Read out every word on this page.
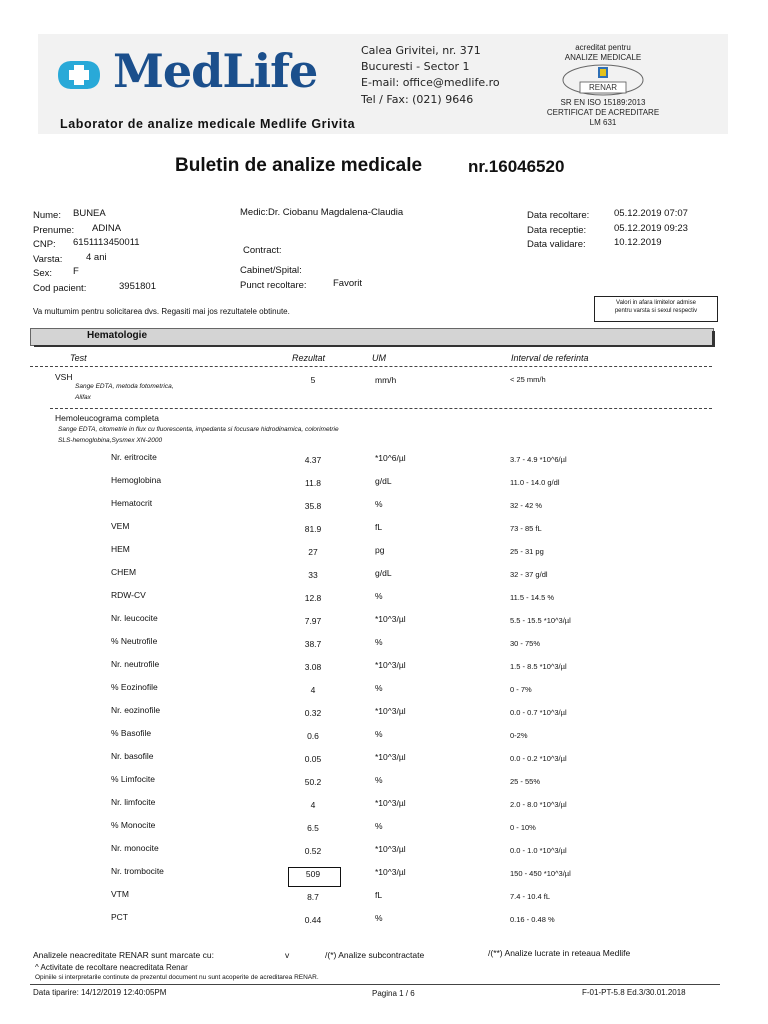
MedLife	Calea Grivitei, nr. 371
Bucuresti - Sector 1
E-mail: office@medlife.ro
Tel / Fax: (021) 9646
acreditat pentru
ANALIZE MEDICALE
RENAR
SR EN ISO 15189:2013
CERTIFICAT DE ACREDITARE
LM 631
Laborator de analize medicale Medlife Grivita
Buletin de analize medicale	nr.16046520
Nume: BUNEA
Prenume: ADINA
CNP: 6151113450011
Varsta: 4 ani
Sex: F
Cod pacient:	3951801
Medic:Dr. Ciobanu Magdalena-Claudia
Contract:
Cabinet/Spital:
Punct recoltare:	Favorit
Data recoltare:	05.12.2019 07:07
Data receptie:	05.12.2019 09:23
Data validare:	10.12.2019
Va multumim pentru solicitarea dvs. Regasiti mai jos rezultatele obtinute.
Valori in afara limitelor admise
pentru varsta si sexul respectiv
Hematologie
Test	Rezultat	UM	Interval de referinta
VSH
Sange EDTA, metoda fotometrica,
Alifax
5	mm/h	< 25 mm/h
Hemoleucograma completa
Sange EDTA, citometrie in flux cu fluorescenta, impedanta si focusare hidrodinamica, colorimetrie
SLS-hemoglobina,Sysmex XN-2000
Nr. eritrocite	4.37	*10^6/µl	3.7 - 4.9 *10^6/µl
Hemoglobina	11.8	g/dL	11.0 - 14.0 g/dl
Hematocrit	35.8	%	32 - 42 %
VEM	81.9	fL	73 - 85 fL
HEM	27	pg	25 - 31 pg
CHEM	33	g/dL	32 - 37 g/dl
RDW-CV	12.8	%	11.5 - 14.5 %
Nr. leucocite	7.97	*10^3/µl	5.5 - 15.5 *10^3/µl
% Neutrofile	38.7	%	30 - 75%
Nr. neutrofile	3.08	*10^3/µl	1.5 - 8.5 *10^3/µl
% Eozinofile	4	%	0 - 7%
Nr. eozinofile	0.32	*10^3/µl	0.0 - 0.7 *10^3/µl
% Basofile	0.6	%	0-2%
Nr. basofile	0.05	*10^3/µl	0.0 - 0.2 *10^3/µl
% Limfocite	50.2	%	25 - 55%
Nr. limfocite	4	*10^3/µl	2.0 - 8.0 *10^3/µl
% Monocite	6.5	%	0 - 10%
Nr. monocite	0.52	*10^3/µl	0.0 - 1.0 *10^3/µl
Nr. trombocite	509	*10^3/µl	150 - 450 *10^3/µl
VTM	8.7	fL	7.4 - 10.4 fL
PCT	0.44	%	0.16 - 0.48 %
Analizele neacreditate RENAR sunt marcate cu:	v	/(*) Analize subcontractate	/(**) Analize lucrate in reteaua Medlife
^ Activitate de recoltare neacreditata Renar
Opiniile si interpretarile continute de prezentul document nu sunt acoperite de acreditarea RENAR.
Data tiparire: 14/12/2019 12:40:05PM	Pagina 1 / 6	F-01-PT-5.8 Ed.3/30.01.2018
